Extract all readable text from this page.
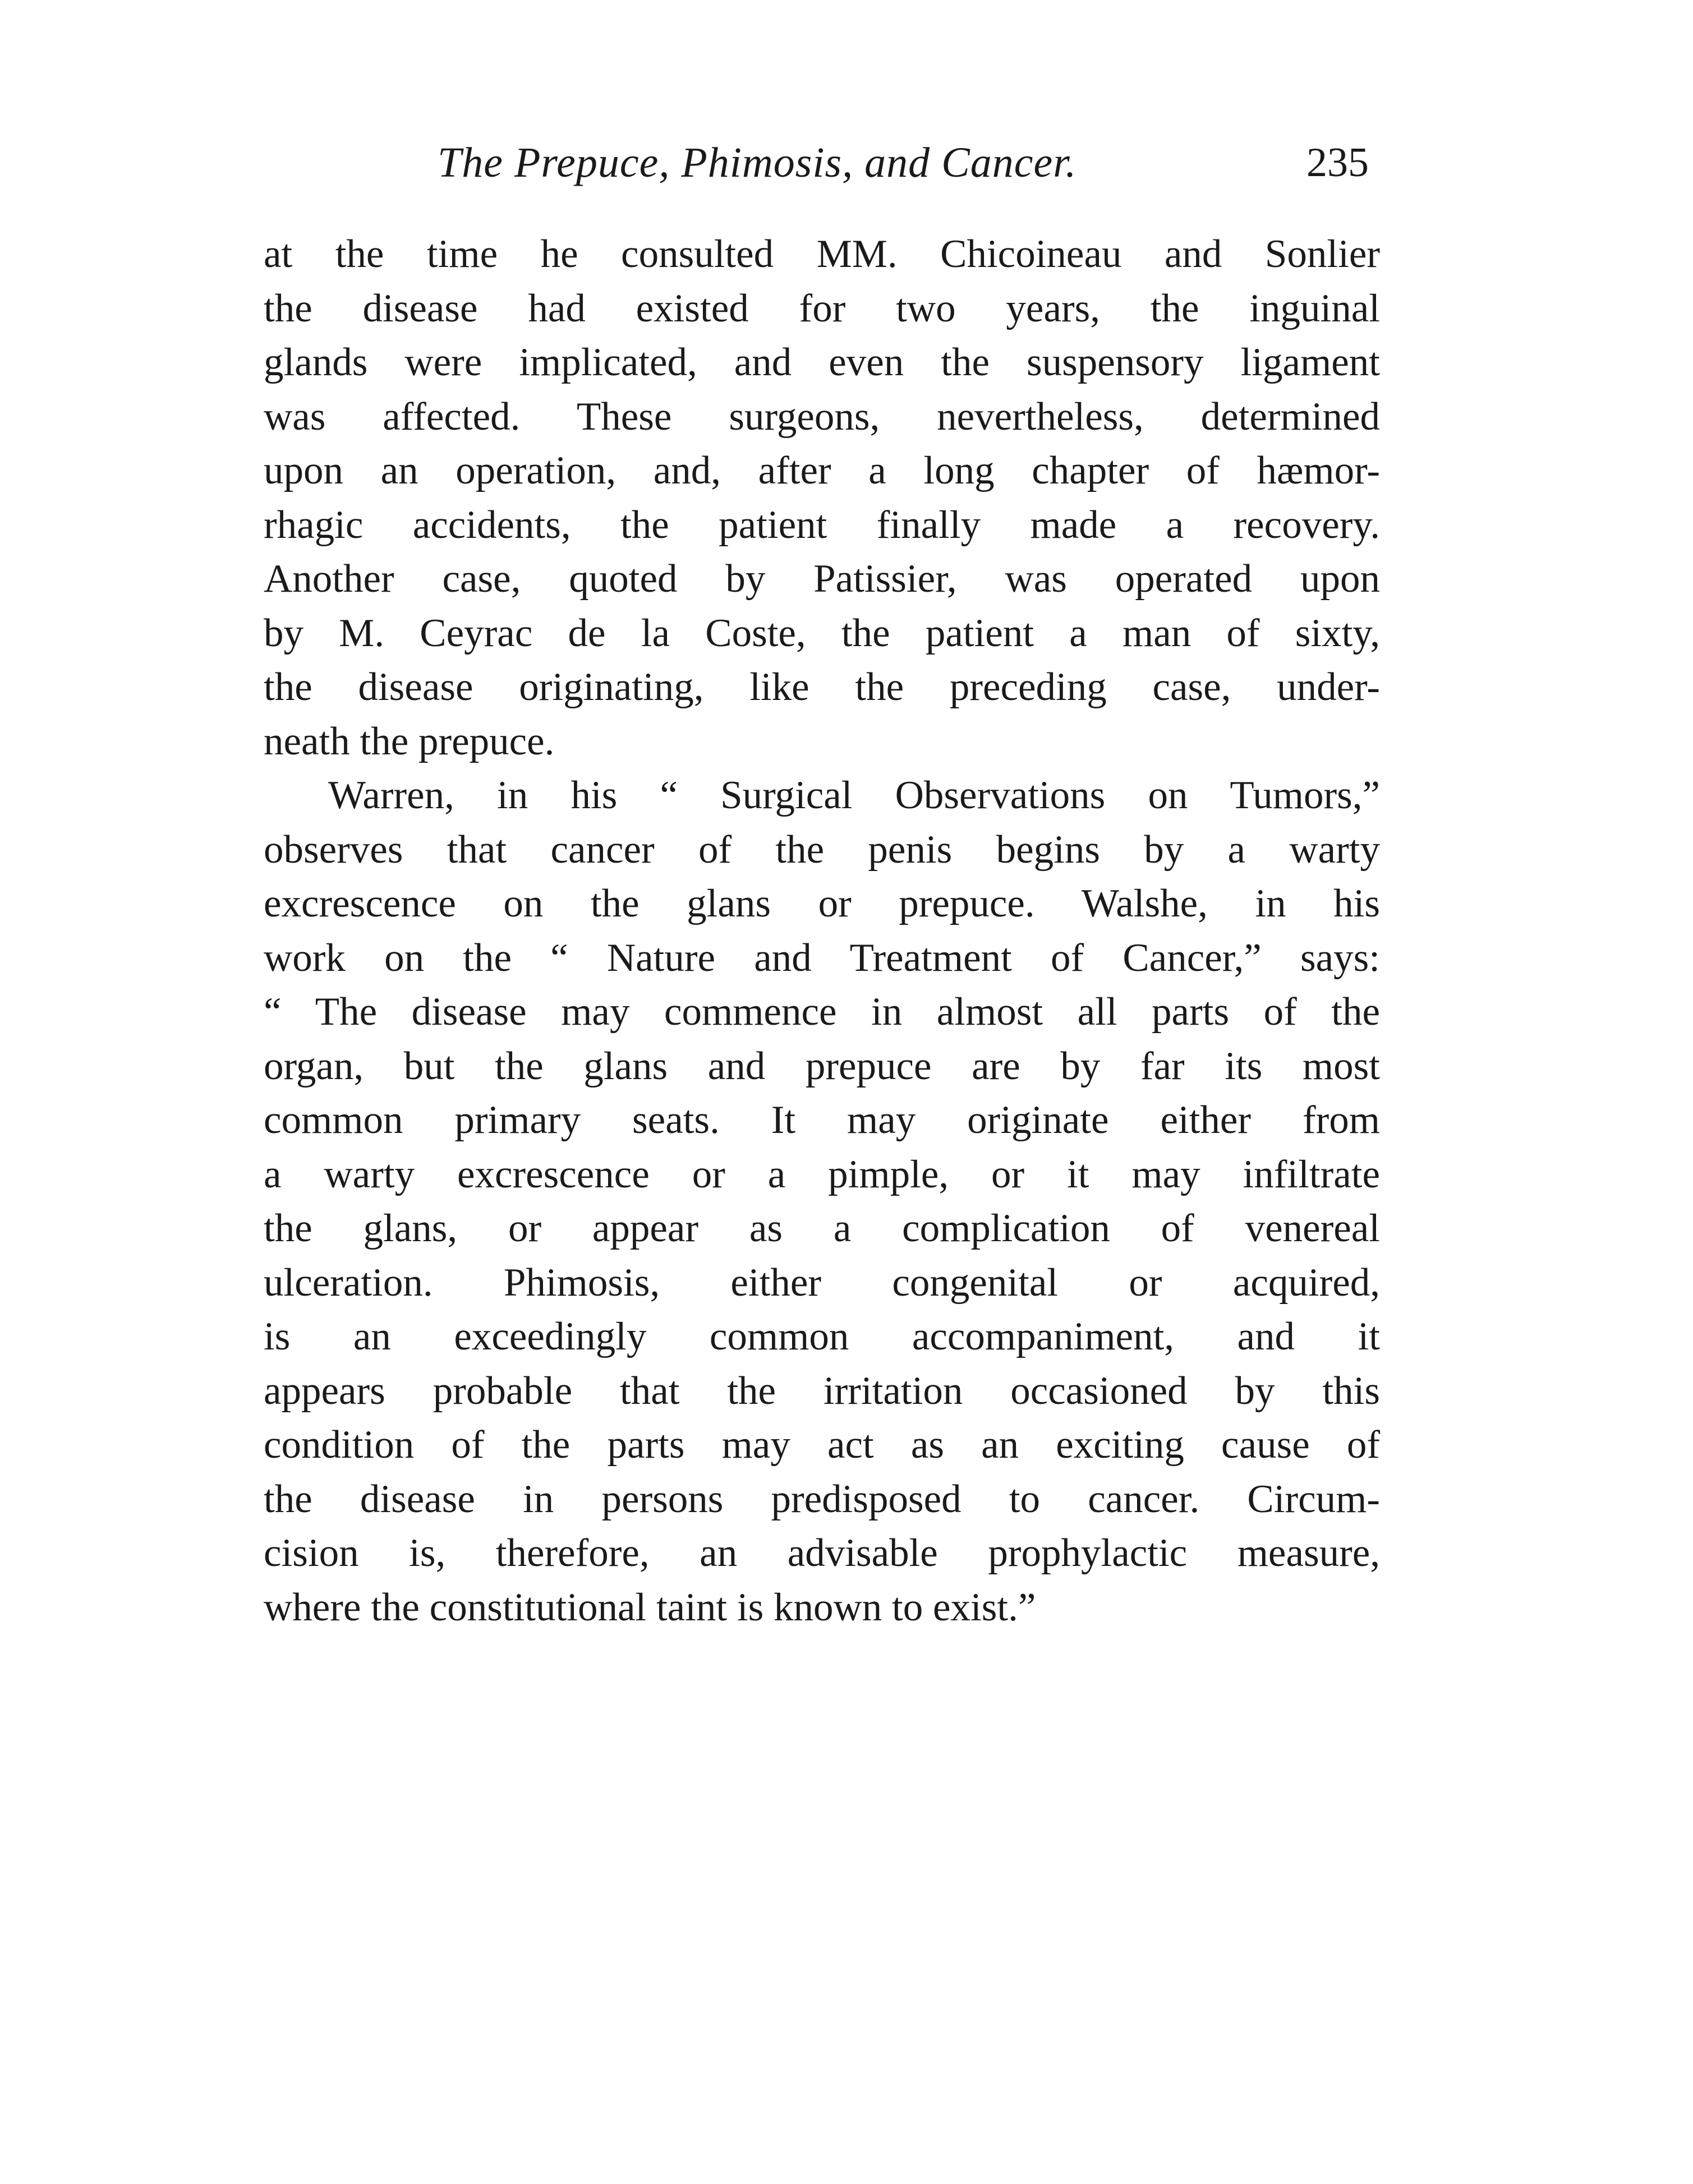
The Prepuce, Phimosis, and Cancer.	235
at the time he consulted MM. Chicoineau and Sonlier
the disease had existed for two years, the inguinal
glands were implicated, and even the suspensory ligament
was affected. These surgeons, nevertheless, determined
upon an operation, and, after a long chapter of hæmor-
rhagic accidents, the patient finally made a recovery.
Another case, quoted by Patissier, was operated upon
by M. Ceyrac de la Coste, the patient a man of sixty,
the disease originating, like the preceding case, under-
neath the prepuce.
Warren, in his “ Surgical Observations on Tumors,”
observes that cancer of the penis begins by a warty
excrescence on the glans or prepuce. Walshe, in his
work on the “ Nature and Treatment of Cancer,” says:
“ The disease may commence in almost all parts of the
organ, but the glans and prepuce are by far its most
common primary seats. It may originate either from
a warty excrescence or a pimple, or it may infiltrate
the glans, or appear as a complication of venereal
ulceration. Phimosis, either congenital or acquired,
is an exceedingly common accompaniment, and it
appears probable that the irritation occasioned by this
condition of the parts may act as an exciting cause of
the disease in persons predisposed to cancer. Circum-
cision is, therefore, an advisable prophylactic measure,
where the constitutional taint is known to exist.”
